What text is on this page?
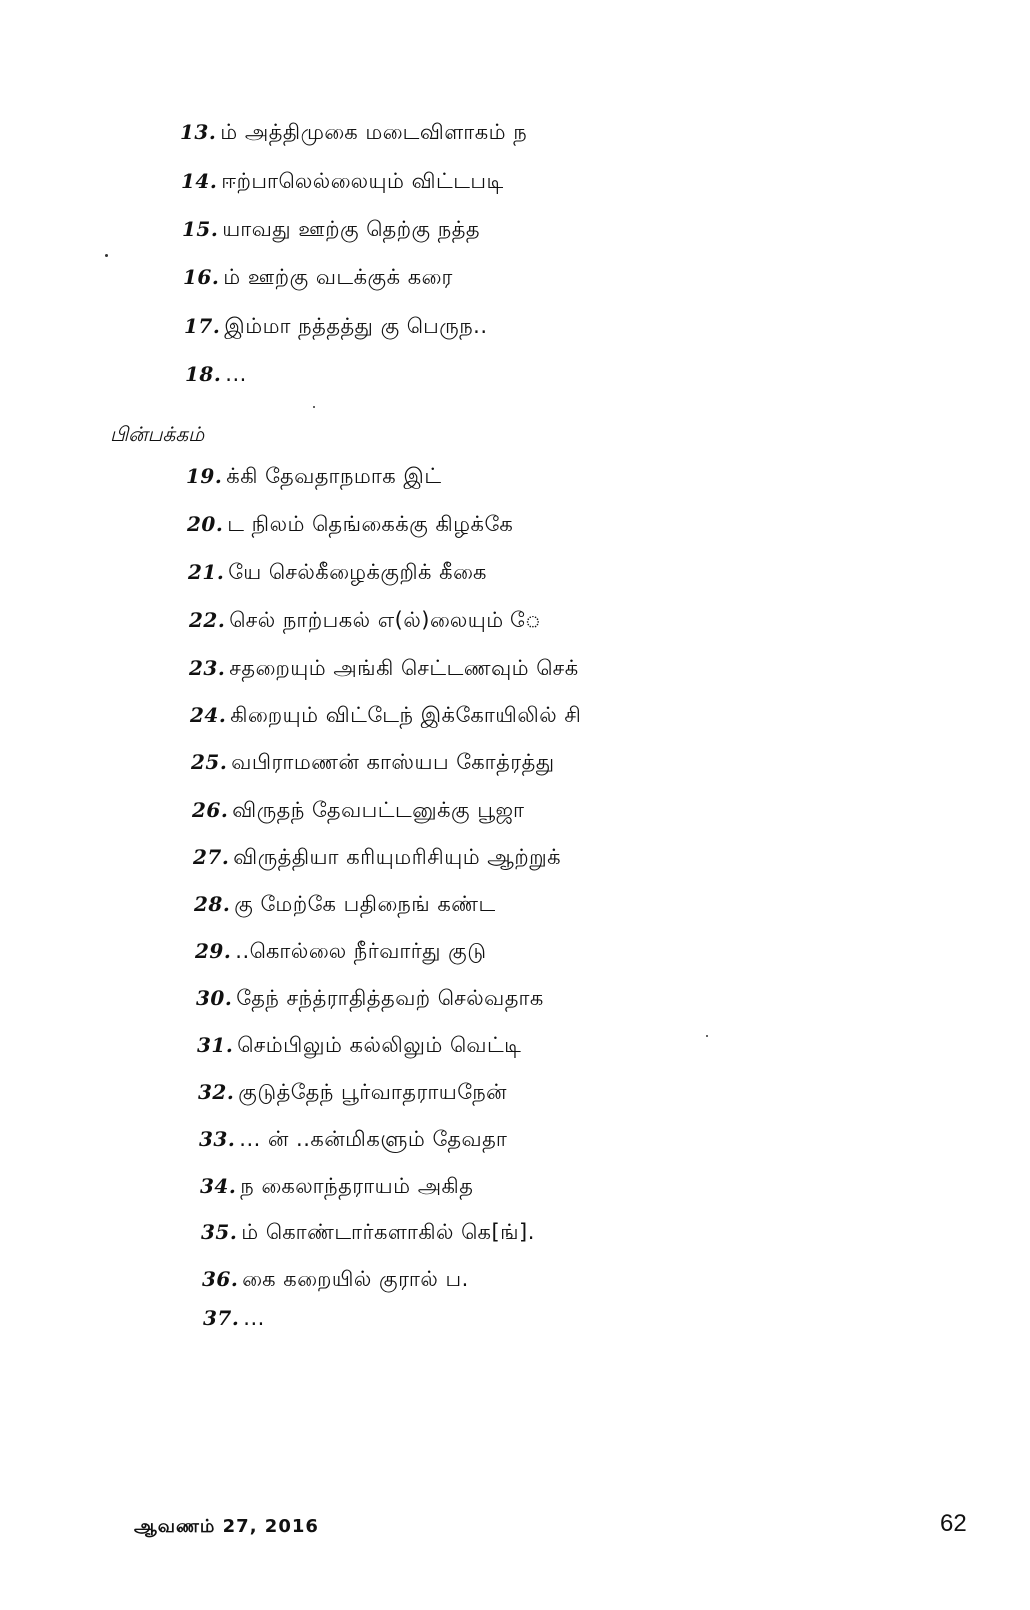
13. ம் அத்திமுகை மடைவிளாகம் ந
14. ஈற்பாலெல்லையும் விட்டபடி
15. யாவது ஊற்கு தெற்கு நத்த
16. ம் ஊற்கு வடக்குக் கரை
17. இம்மா நத்தத்து கு பெருந..
18. ...
பின்பக்கம்
19. க்கி தேவதாநமாக இட்
20. ட நிலம் தெங்கைக்கு கிழக்கே
21. யே செல்கீழைக்குறிக் கீகை
22. செல் நாற்பகல் எ(ல்)லையும் ே
23. சதறையும் அங்கி செட்டணவும் செக்
24. கிறையும் விட்டேந் இக்கோயிலில் சி
25. வபிராமணன் காஸ்யப கோத்ரத்து
26. விருதந் தேவபட்டனுக்கு பூஜா
27. விருத்தியா கரியுமரிசியும் ஆற்றுக்
28. கு மேற்கே பதிநைங் கண்ட
29. ..கொல்லை நீர்வார்து குடு
30. தேந் சந்த்ராதித்தவற் செல்வதாக
31. செம்பிலும் கல்லிலும் வெட்டி
32. குடுத்தேந் பூர்வாதராயநேன்
33. ... ன் ..கன்மிகளும் தேவதா
34. ந கைலாந்தராயம் அகித
35. ம் கொண்டார்களாகில் கெ[ங்].
36. கை கறையில் குரால் ப.
37. ...
ஆவணம் 27, 2016	62
